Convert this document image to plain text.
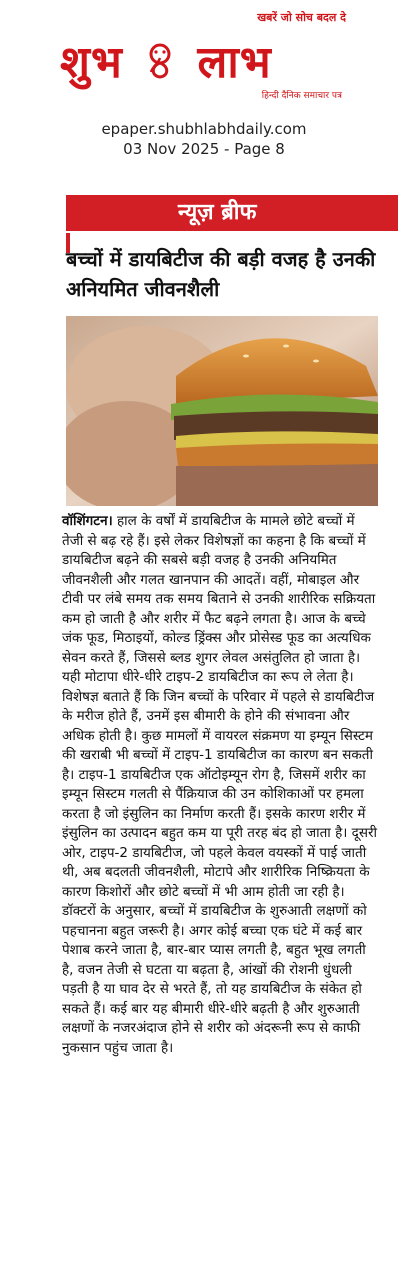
खबरें जो सोच बदल दे
शुभ लाभ
हिन्दी दैनिक समाचार पत्र
epaper.shubhlabhdaily.com
03 Nov 2025 - Page 8
न्यूज़ ब्रीफ
बच्चों में डायबिटीज की बड़ी वजह है उनकी अनियमित जीवनशैली

वॉशिंगटन। हाल के वर्षों में डायबिटीज के मामले छोटे बच्चों में तेजी से बढ़ रहे हैं। इसे लेकर विशेषज्ञों का कहना है कि बच्चों में डायबिटीज बढ़ने की सबसे बड़ी वजह है उनकी अनियमित जीवनशैली और गलत खानपान की आदतें। वहीं, मोबाइल और टीवी पर लंबे समय तक समय बिताने से उनकी शारीरिक सक्रियता कम हो जाती है और शरीर में फैट बढ़ने लगता है। आज के बच्चे जंक फूड, मिठाइयों, कोल्ड ड्रिंक्स और प्रोसेस्ड फूड का अत्यधिक सेवन करते हैं, जिससे ब्लड शुगर लेवल असंतुलित हो जाता है। यही मोटापा धीरे-धीरे टाइप-2 डायबिटीज का रूप ले लेता है। विशेषज्ञ बताते हैं कि जिन बच्चों के परिवार में पहले से डायबिटीज के मरीज होते हैं, उनमें इस बीमारी के होने की संभावना और अधिक होती है। कुछ मामलों में वायरल संक्रमण या इम्यून सिस्टम की खराबी भी बच्चों में टाइप-1 डायबिटीज का कारण बन सकती है। टाइप-1 डायबिटीज एक ऑटोइम्यून रोग है, जिसमें शरीर का इम्यून सिस्टम गलती से पैंक्रियाज की उन कोशिकाओं पर हमला करता है जो इंसुलिन का निर्माण करती हैं। इसके कारण शरीर में इंसुलिन का उत्पादन बहुत कम या पूरी तरह बंद हो जाता है। दूसरी ओर, टाइप-2 डायबिटीज, जो पहले केवल वयस्कों में पाई जाती थी, अब बदलती जीवनशैली, मोटापे और शारीरिक निष्क्रियता के कारण किशोरों और छोटे बच्चों में भी आम होती जा रही है। डॉक्टरों के अनुसार, बच्चों में डायबिटीज के शुरुआती लक्षणों को पहचानना बहुत जरूरी है। अगर कोई बच्चा एक घंटे में कई बार पेशाब करने जाता है, बार-बार प्यास लगती है, बहुत भूख लगती है, वजन तेजी से घटता या बढ़ता है, आंखों की रोशनी धुंधली पड़ती है या घाव देर से भरते हैं, तो यह डायबिटीज के संकेत हो सकते हैं। कई बार यह बीमारी धीरे-धीरे बढ़ती है और शुरुआती लक्षणों के नजरअंदाज होने से शरीर को अंदरूनी रूप से काफी नुकसान पहुंच जाता है।
